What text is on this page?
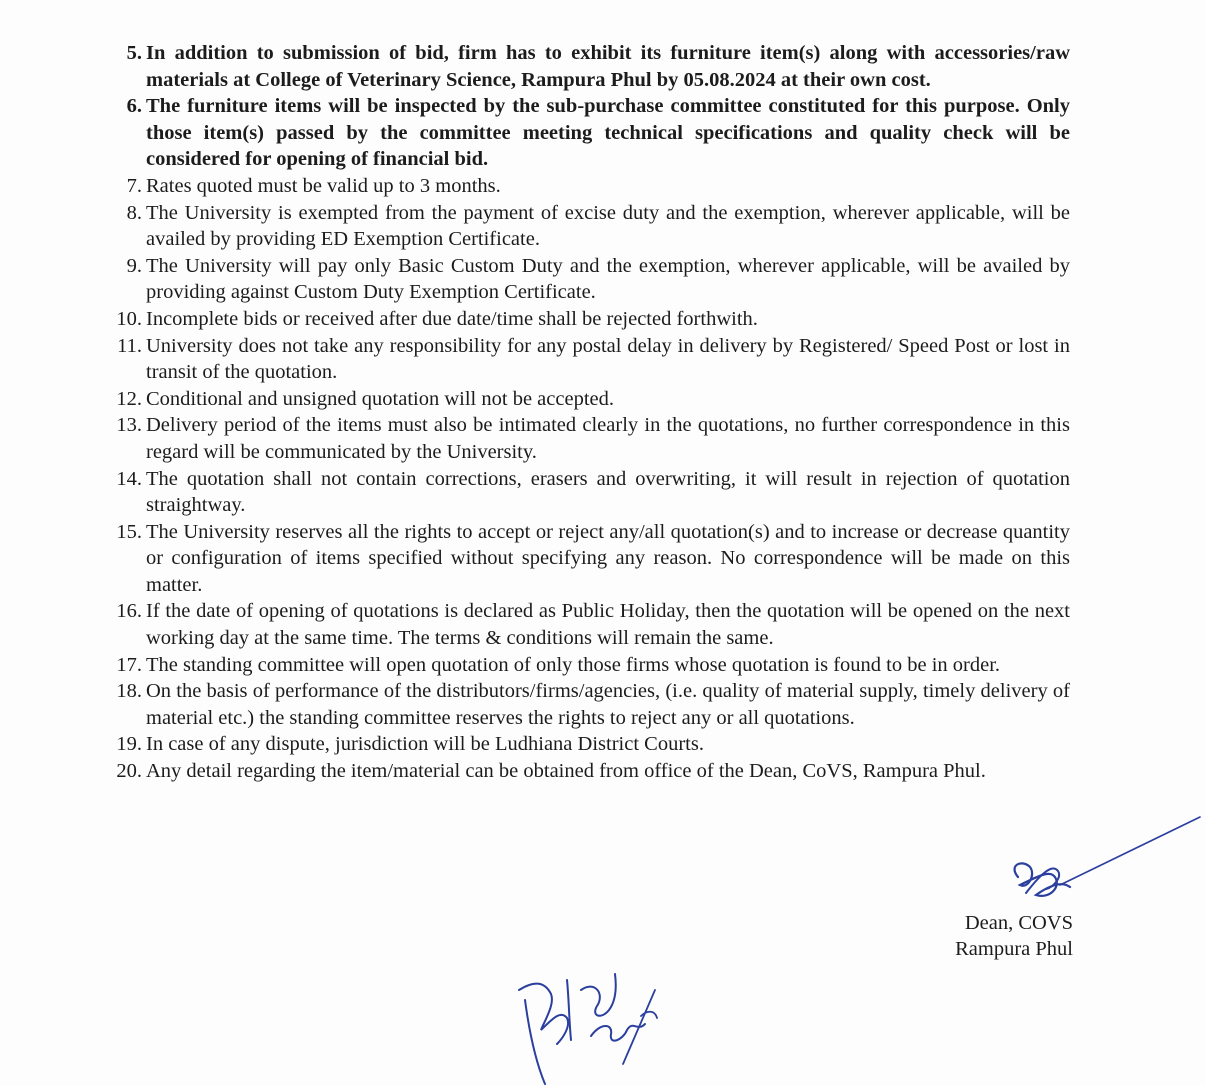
5. In addition to submission of bid, firm has to exhibit its furniture item(s) along with accessories/raw materials at College of Veterinary Science, Rampura Phul by 05.08.2024 at their own cost.
6. The furniture items will be inspected by the sub-purchase committee constituted for this purpose. Only those item(s) passed by the committee meeting technical specifications and quality check will be considered for opening of financial bid.
7. Rates quoted must be valid up to 3 months.
8. The University is exempted from the payment of excise duty and the exemption, wherever applicable, will be availed by providing ED Exemption Certificate.
9. The University will pay only Basic Custom Duty and the exemption, wherever applicable, will be availed by providing against Custom Duty Exemption Certificate.
10. Incomplete bids or received after due date/time shall be rejected forthwith.
11. University does not take any responsibility for any postal delay in delivery by Registered/ Speed Post or lost in transit of the quotation.
12. Conditional and unsigned quotation will not be accepted.
13. Delivery period of the items must also be intimated clearly in the quotations, no further correspondence in this regard will be communicated by the University.
14. The quotation shall not contain corrections, erasers and overwriting, it will result in rejection of quotation straightway.
15. The University reserves all the rights to accept or reject any/all quotation(s) and to increase or decrease quantity or configuration of items specified without specifying any reason. No correspondence will be made on this matter.
16. If the date of opening of quotations is declared as Public Holiday, then the quotation will be opened on the next working day at the same time. The terms & conditions will remain the same.
17. The standing committee will open quotation of only those firms whose quotation is found to be in order.
18. On the basis of performance of the distributors/firms/agencies, (i.e. quality of material supply, timely delivery of material etc.) the standing committee reserves the rights to reject any or all quotations.
19. In case of any dispute, jurisdiction will be Ludhiana District Courts.
20. Any detail regarding the item/material can be obtained from office of the Dean, CoVS, Rampura Phul.
Dean, COVS
Rampura Phul
